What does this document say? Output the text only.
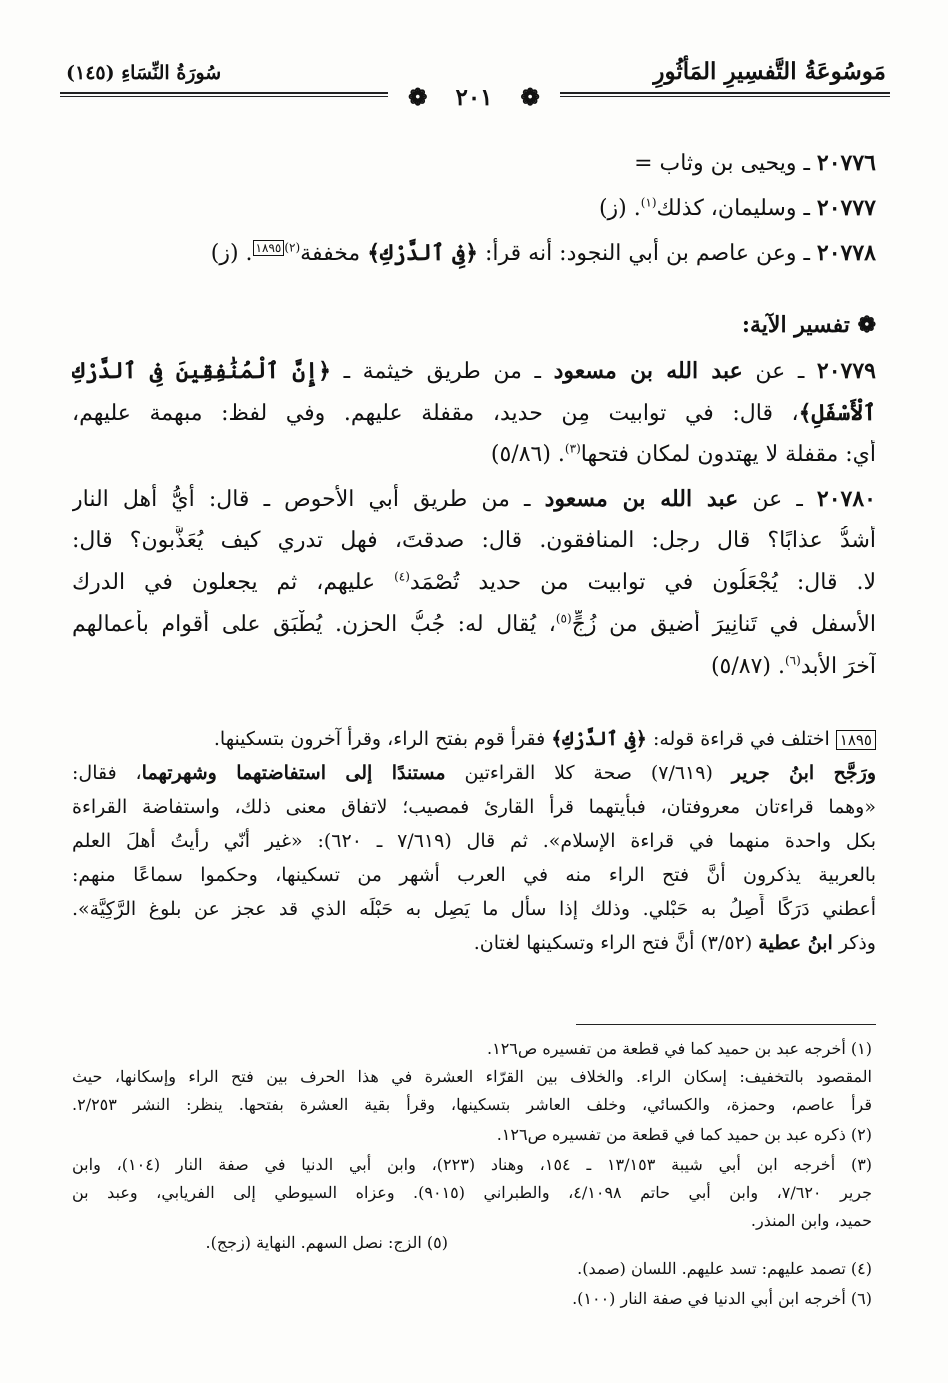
مَوسُوعَةُ التَّفسِيرِ المَأثُورِ
سُورَةُ النِّسَاءِ (١٤٥)
❁ ٢٠١ ❁
٢٠٧٧٦ ـ ويحيى بن وثاب =
٢٠٧٧٧ ـ وسليمان، كذلك$^{(١)}$. (ز)
٢٠٧٧٨ ـ وعن عاصم بن أبي النجود: أنه قرأ: ﴿فِى ٱلدَّرْكِ﴾ مخففة$^{(٢)١٨٩٥}$. (ز)
❁ تفسير الآية:
٢٠٧٧٩ ـ عن عبد الله بن مسعود ـ من طريق خيثمة ـ ﴿إِنَّ ٱلْمُنَٰفِقِينَ فِى ٱلدَّرْكِ
ٱلْأَسْفَلِ﴾، قال: في توابيت مِن حديد، مقفلة عليهم. وفي لفظ: مبهمة عليهم،
أي: مقفلة لا يهتدون لمكان فتحها$^{(٣)}$. (٥/٨٦)
٢٠٧٨٠ ـ عن عبد الله بن مسعود ـ من طريق أبي الأحوص ـ قال: أيُّ أهل النار
أشدُّ عذابًا؟ قال رجل: المنافقون. قال: صدقتَ، فهل تدري كيف يُعَذَّبون؟ قال:
لا. قال: يُجْعَلُون في توابيت من حديد تُصْمَد$^{(٤)}$ عليهم، ثم يجعلون في الدرك
الأسفل في تَنانِيرَ أضيق من زُجٍّ$^{(٥)}$، يُقال له: جُبُّ الحزن. يُطْبَق على أقوام بأعمالهم
آخرَ الأبد$^{(٦)}$. (٥/٨٧)
١٨٩٥ اختلف في قراءة قوله: ﴿فِى ٱلدَّرْكِ﴾ فقرأ قوم بفتح الراء، وقرأ آخرون بتسكينها.
ورَجَّح ابنُ جرير (٧/٦١٩) صحة كلا القراءتين مستندًا إلى استفاضتهما وشهرتهما، فقال:
«وهما قراءتان معروفتان، فبأيتهما قرأ القارئ فمصيب؛ لاتفاق معنى ذلك، واستفاضة القراءة
بكل واحدة منهما في قراءة الإسلام». ثم قال (٧/٦١٩ ـ ٦٢٠): «غير أنّي رأيتُ أهلَ العلم
بالعربية يذكرون أنَّ فتح الراء منه في العرب أشهر من تسكينها، وحكموا سماعًا منهم:
أعطني دَرَكًا أَصِلُ به حَبْلي. وذلك إذا سأل ما يَصِل به حَبْلَه الذي قد عجز عن بلوغ الرَّكِيَّة».
وذكر ابنُ عطية (٣/٥٢) أنَّ فتح الراء وتسكينها لغتان.
(١) أخرجه عبد بن حميد كما في قطعة من تفسيره ص١٢٦.
المقصود بالتخفيف: إسكان الراء. والخلاف بين القرّاء العشرة في هذا الحرف بين فتح الراء وإسكانها، حيث
قرأ عاصم، وحمزة، والكسائي، وخلف العاشر بتسكينها، وقرأ بقية العشرة بفتحها. ينظر: النشر ٢/٢٥٣.
(٢) ذكره عبد بن حميد كما في قطعة من تفسيره ص١٢٦.
(٣) أخرجه ابن أبي شيبة ١٣/١٥٣ ـ ١٥٤، وهناد (٢٢٣)، وابن أبي الدنيا في صفة النار (١٠٤)، وابن
جرير ٧/٦٢٠، وابن أبي حاتم ٤/١٠٩٨، والطبراني (٩٠١٥). وعزاه السيوطي إلى الفريابي، وعبد بن
حميد، وابن المنذر.
(٤) تصمد عليهم: تسد عليهم. اللسان (صمد).
(٥) الزج: نصل السهم. النهاية (زجج).
(٦) أخرجه ابن أبي الدنيا في صفة النار (١٠٠).
